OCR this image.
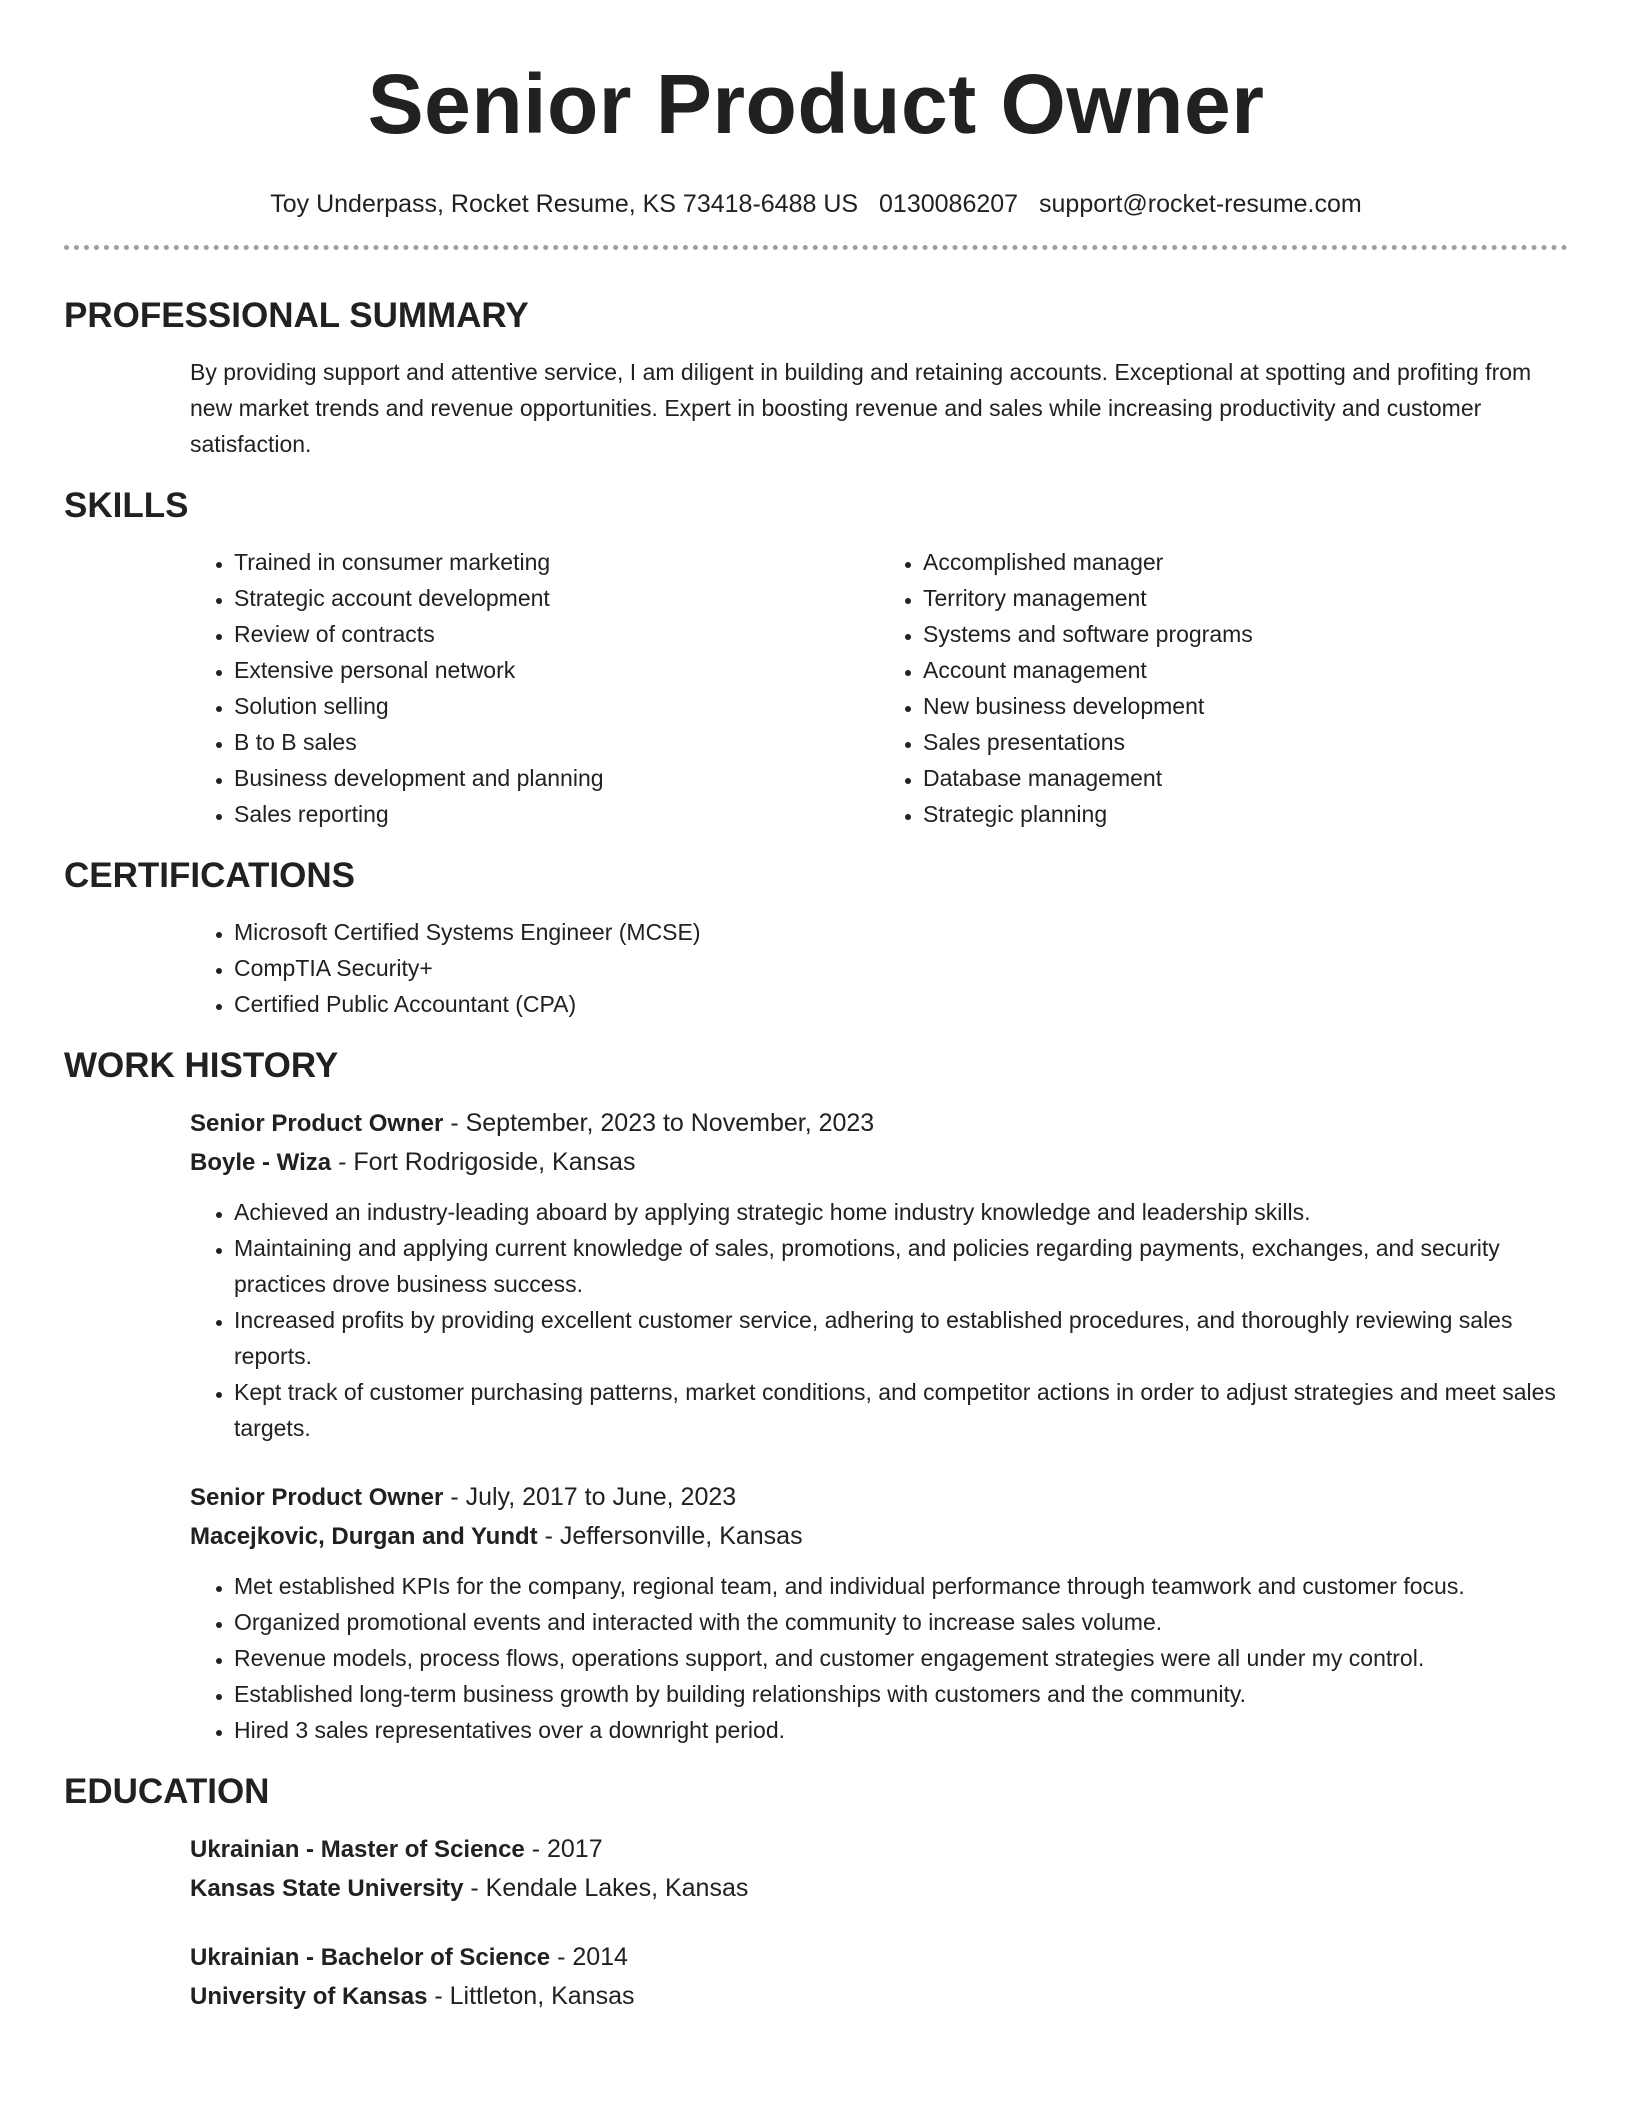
Senior Product Owner
Toy Underpass, Rocket Resume, KS 73418-6488 US 0130086207 support@rocket-resume.com
PROFESSIONAL SUMMARY
By providing support and attentive service, I am diligent in building and retaining accounts. Exceptional at spotting and profiting from new market trends and revenue opportunities. Expert in boosting revenue and sales while increasing productivity and customer satisfaction.
SKILLS
• Trained in consumer marketing
• Strategic account development
• Review of contracts
• Extensive personal network
• Solution selling
• B to B sales
• Business development and planning
• Sales reporting
• Accomplished manager
• Territory management
• Systems and software programs
• Account management
• New business development
• Sales presentations
• Database management
• Strategic planning
CERTIFICATIONS
• Microsoft Certified Systems Engineer (MCSE)
• CompTIA Security+
• Certified Public Accountant (CPA)
WORK HISTORY
Senior Product Owner - September, 2023 to November, 2023
Boyle - Wiza - Fort Rodrigoside, Kansas
• Achieved an industry-leading aboard by applying strategic home industry knowledge and leadership skills.
• Maintaining and applying current knowledge of sales, promotions, and policies regarding payments, exchanges, and security practices drove business success.
• Increased profits by providing excellent customer service, adhering to established procedures, and thoroughly reviewing sales reports.
• Kept track of customer purchasing patterns, market conditions, and competitor actions in order to adjust strategies and meet sales targets.
Senior Product Owner - July, 2017 to June, 2023
Macejkovic, Durgan and Yundt - Jeffersonville, Kansas
• Met established KPIs for the company, regional team, and individual performance through teamwork and customer focus.
• Organized promotional events and interacted with the community to increase sales volume.
• Revenue models, process flows, operations support, and customer engagement strategies were all under my control.
• Established long-term business growth by building relationships with customers and the community.
• Hired 3 sales representatives over a downright period.
EDUCATION
Ukrainian - Master of Science - 2017
Kansas State University - Kendale Lakes, Kansas
Ukrainian - Bachelor of Science - 2014
University of Kansas - Littleton, Kansas
